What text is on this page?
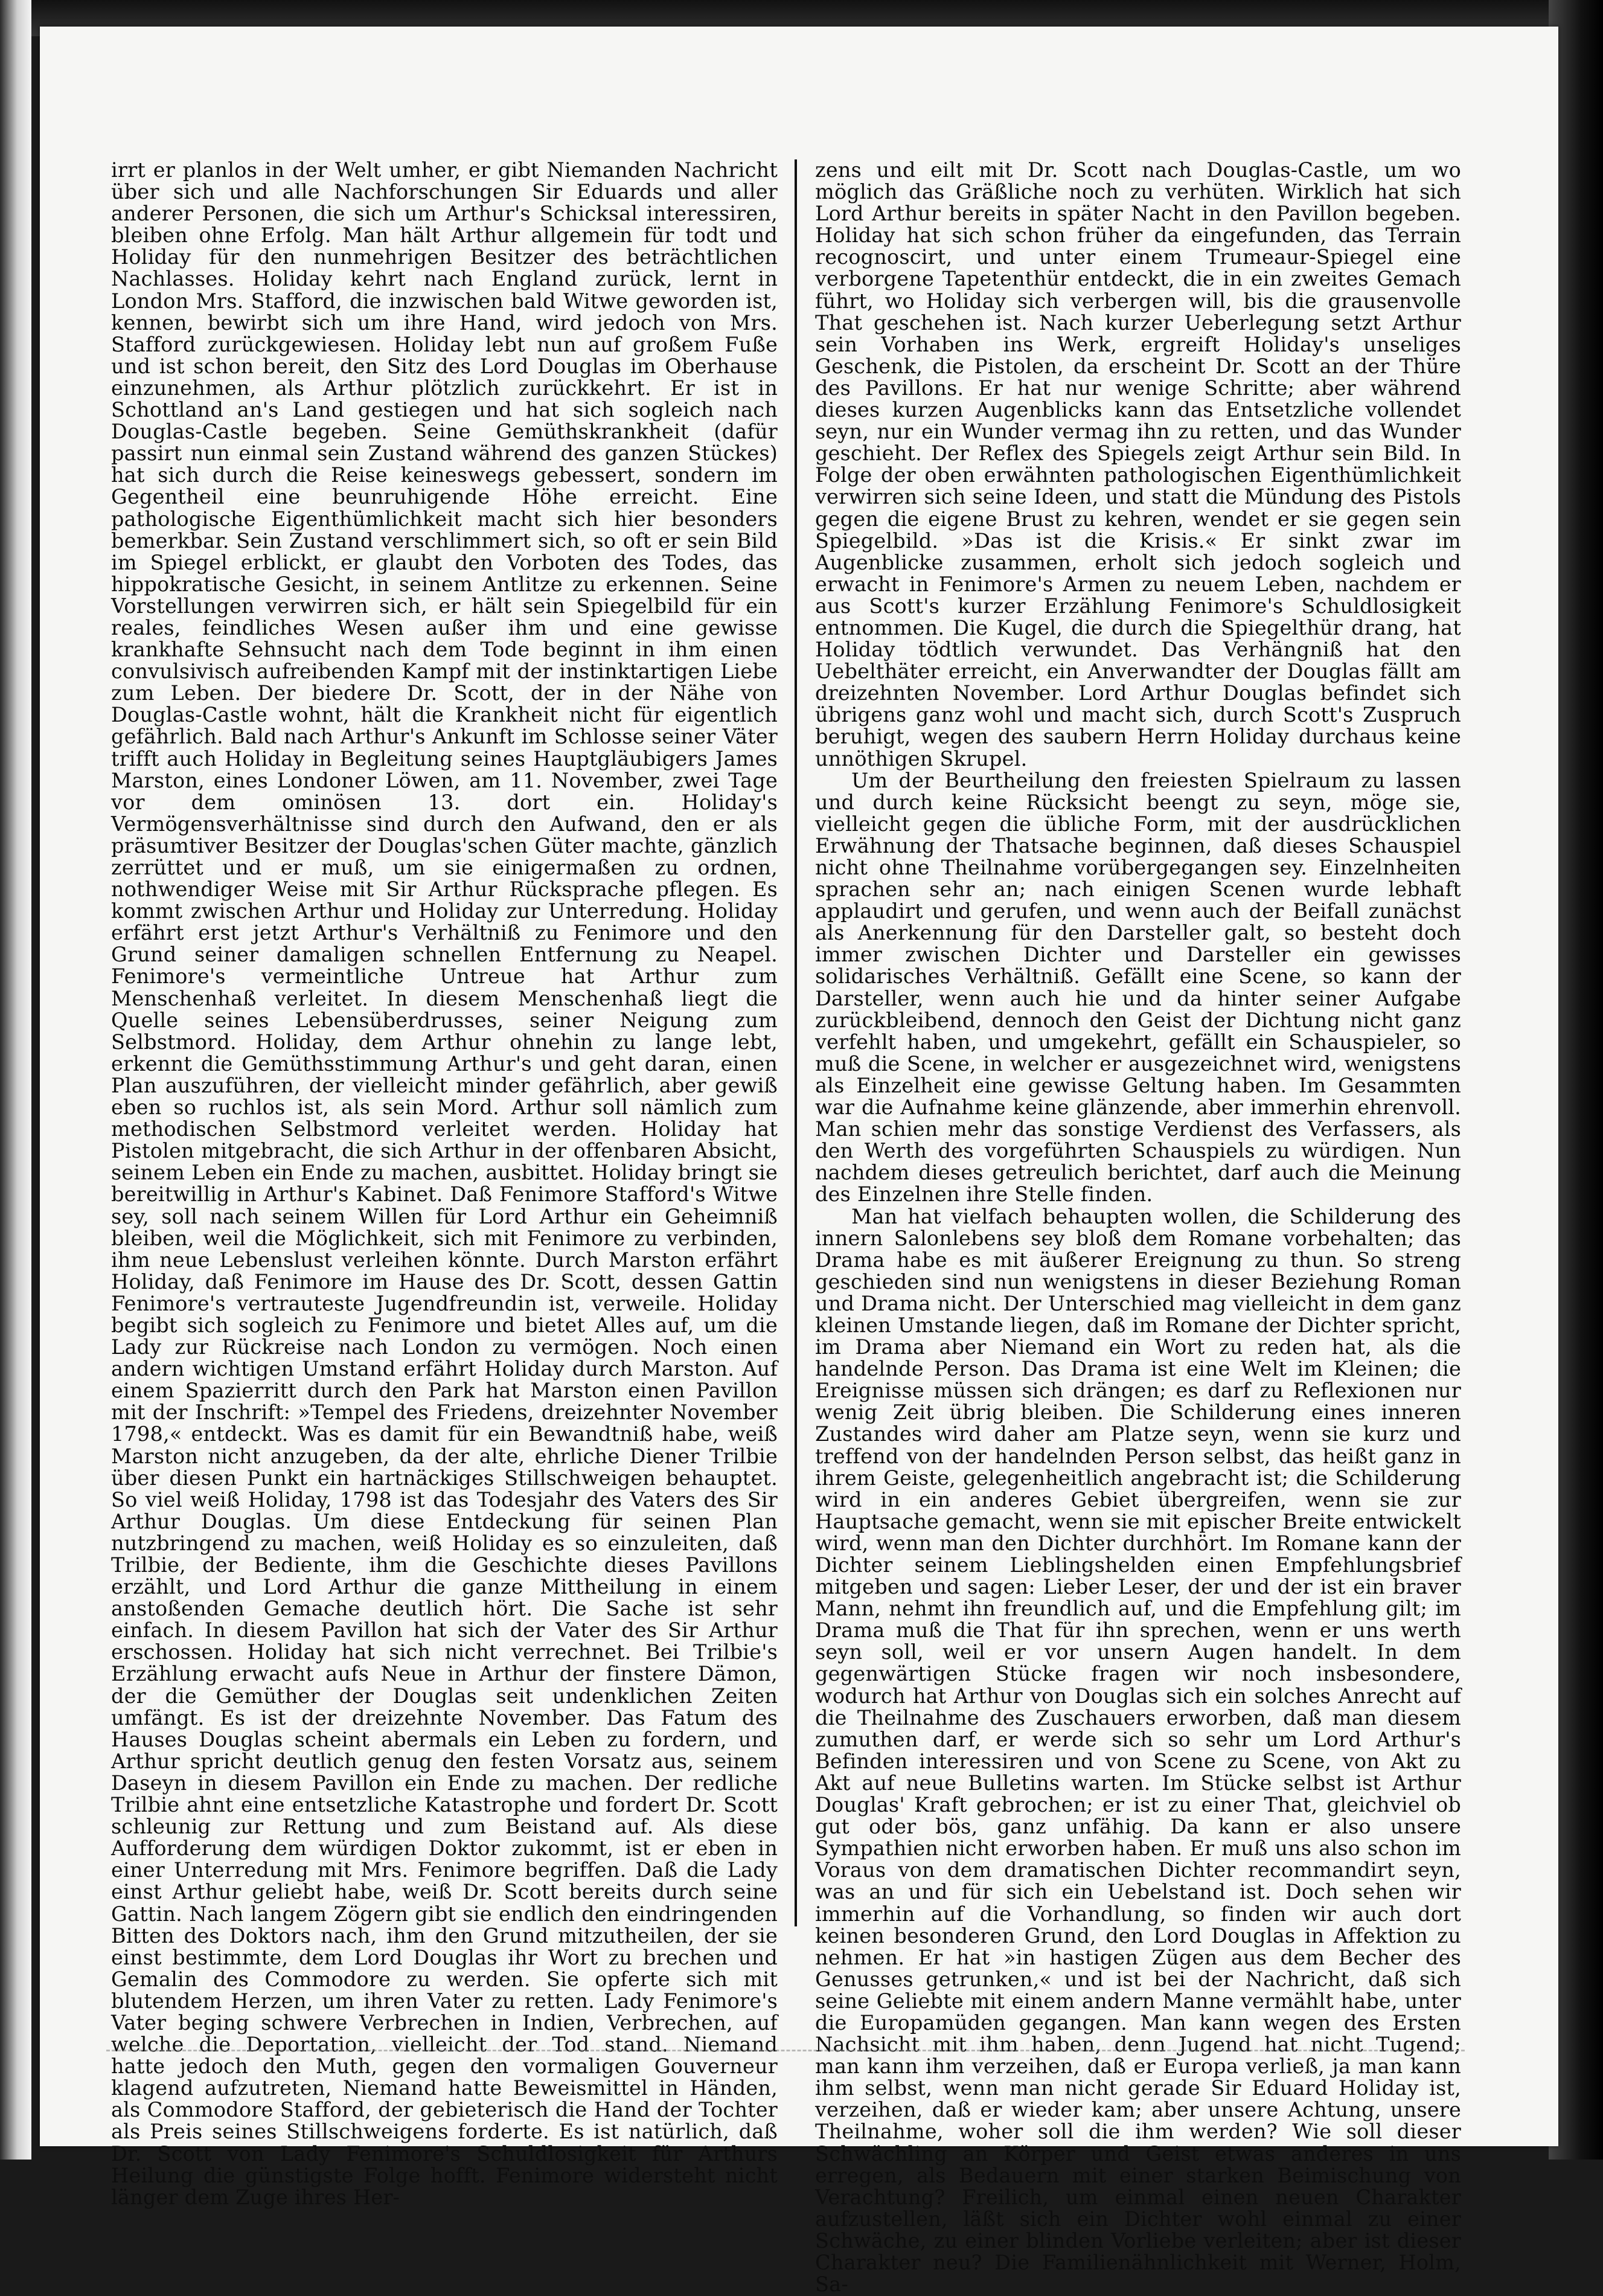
irrt er planlos in der Welt umher, er gibt Niemanden Nachricht über sich und alle Nachforschungen Sir Eduards und aller anderer Personen, die sich um Arthur's Schicksal interessiren, bleiben ohne Erfolg. Man hält Arthur allgemein für todt und Holiday für den nunmehrigen Besitzer des beträchtlichen Nachlasses. Holiday kehrt nach England zurück, lernt in London Mrs. Stafford, die inzwischen bald Witwe geworden ist, kennen, bewirbt sich um ihre Hand, wird jedoch von Mrs. Stafford zurückgewiesen. Holiday lebt nun auf großem Fuße und ist schon bereit, den Sitz des Lord Douglas im Oberhause einzunehmen, als Arthur plötzlich zurückkehrt. Er ist in Schottland an's Land gestiegen und hat sich sogleich nach Douglas-Castle begeben. Seine Gemüthskrankheit (dafür passirt nun einmal sein Zustand während des ganzen Stückes) hat sich durch die Reise keineswegs gebessert, sondern im Gegentheil eine beunruhigende Höhe erreicht. Eine pathologische Eigenthümlichkeit macht sich hier besonders bemerkbar. Sein Zustand verschlimmert sich, so oft er sein Bild im Spiegel erblickt, er glaubt den Vorboten des Todes, das hippokratische Gesicht, in seinem Antlitze zu erkennen. Seine Vorstellungen verwirren sich, er hält sein Spiegelbild für ein reales, feindliches Wesen außer ihm und eine gewisse krankhafte Sehnsucht nach dem Tode beginnt in ihm einen convulsivisch aufreibenden Kampf mit der instinktartigen Liebe zum Leben. Der biedere Dr. Scott, der in der Nähe von Douglas-Castle wohnt, hält die Krankheit nicht für eigentlich gefährlich. Bald nach Arthur's Ankunft im Schlosse seiner Väter trifft auch Holiday in Begleitung seines Hauptgläubigers James Marston, eines Londoner Löwen, am 11. November, zwei Tage vor dem ominösen 13. dort ein. Holiday's Vermögensverhältnisse sind durch den Aufwand, den er als präsumtiver Besitzer der Douglas'schen Güter machte, gänzlich zerrüttet und er muß, um sie einigermaßen zu ordnen, nothwendiger Weise mit Sir Arthur Rücksprache pflegen. Es kommt zwischen Arthur und Holiday zur Unterredung. Holiday erfährt erst jetzt Arthur's Verhältniß zu Fenimore und den Grund seiner damaligen schnellen Entfernung zu Neapel. Fenimore's vermeintliche Untreue hat Arthur zum Menschenhaß verleitet. In diesem Menschenhaß liegt die Quelle seines Lebensüberdrusses, seiner Neigung zum Selbstmord. Holiday, dem Arthur ohnehin zu lange lebt, erkennt die Gemüthsstimmung Arthur's und geht daran, einen Plan auszuführen, der vielleicht minder gefährlich, aber gewiß eben so ruchlos ist, als sein Mord. Arthur soll nämlich zum methodischen Selbstmord verleitet werden. Holiday hat Pistolen mitgebracht, die sich Arthur in der offenbaren Absicht, seinem Leben ein Ende zu machen, ausbittet. Holiday bringt sie bereitwillig in Arthur's Kabinet. Daß Fenimore Stafford's Witwe sey, soll nach seinem Willen für Lord Arthur ein Geheimniß bleiben, weil die Möglichkeit, sich mit Fenimore zu verbinden, ihm neue Lebenslust verleihen könnte. Durch Marston erfährt Holiday, daß Fenimore im Hause des Dr. Scott, dessen Gattin Fenimore's vertrauteste Jugendfreundin ist, verweile. Holiday begibt sich sogleich zu Fenimore und bietet Alles auf, um die Lady zur Rückreise nach London zu vermögen. Noch einen andern wichtigen Umstand erfährt Holiday durch Marston. Auf einem Spazierritt durch den Park hat Marston einen Pavillon mit der Inschrift: »Tempel des Friedens, dreizehnter November 1798,« entdeckt. Was es damit für ein Bewandtniß habe, weiß Marston nicht anzugeben, da der alte, ehrliche Diener Trilbie über diesen Punkt ein hartnäckiges Stillschweigen behauptet. So viel weiß Holiday, 1798 ist das Todesjahr des Vaters des Sir Arthur Douglas. Um diese Entdeckung für seinen Plan nutzbringend zu machen, weiß Holiday es so einzuleiten, daß Trilbie, der Bediente, ihm die Geschichte dieses Pavillons erzählt, und Lord Arthur die ganze Mittheilung in einem anstoßenden Gemache deutlich hört. Die Sache ist sehr einfach. In diesem Pavillon hat sich der Vater des Sir Arthur erschossen. Holiday hat sich nicht verrechnet. Bei Trilbie's Erzählung erwacht aufs Neue in Arthur der finstere Dämon, der die Gemüther der Douglas seit undenklichen Zeiten umfängt. Es ist der dreizehnte November. Das Fatum des Hauses Douglas scheint abermals ein Leben zu fordern, und Arthur spricht deutlich genug den festen Vorsatz aus, seinem Daseyn in diesem Pavillon ein Ende zu machen. Der redliche Trilbie ahnt eine entsetzliche Katastrophe und fordert Dr. Scott schleunig zur Rettung und zum Beistand auf. Als diese Aufforderung dem würdigen Doktor zukommt, ist er eben in einer Unterredung mit Mrs. Fenimore begriffen. Daß die Lady einst Arthur geliebt habe, weiß Dr. Scott bereits durch seine Gattin. Nach langem Zögern gibt sie endlich den eindringenden Bitten des Doktors nach, ihm den Grund mitzutheilen, der sie einst bestimmte, dem Lord Douglas ihr Wort zu brechen und Gemalin des Commodore zu werden. Sie opferte sich mit blutendem Herzen, um ihren Vater zu retten. Lady Fenimore's Vater beging schwere Verbrechen in Indien, Verbrechen, auf welche die Deportation, vielleicht der Tod stand. Niemand hatte jedoch den Muth, gegen den vormaligen Gouverneur klagend aufzutreten, Niemand hatte Beweismittel in Händen, als Commodore Stafford, der gebieterisch die Hand der Tochter als Preis seines Stillschweigens forderte. Es ist natürlich, daß Dr. Scott von Lady Fenimore's Schuldlosigkeit für Arthurs Heilung die günstigste Folge hofft. Fenimore widersteht nicht länger dem Zuge ihres Her-

zens und eilt mit Dr. Scott nach Douglas-Castle, um wo möglich das Gräßliche noch zu verhüten. Wirklich hat sich Lord Arthur bereits in später Nacht in den Pavillon begeben. Holiday hat sich schon früher da eingefunden, das Terrain recognoscirt, und unter einem Trumeaur-Spiegel eine verborgene Tapetenthür entdeckt, die in ein zweites Gemach führt, wo Holiday sich verbergen will, bis die grausenvolle That geschehen ist. Nach kurzer Ueberlegung setzt Arthur sein Vorhaben ins Werk, ergreift Holiday's unseliges Geschenk, die Pistolen, da erscheint Dr. Scott an der Thüre des Pavillons. Er hat nur wenige Schritte; aber während dieses kurzen Augenblicks kann das Entsetzliche vollendet seyn, nur ein Wunder vermag ihn zu retten, und das Wunder geschieht. Der Reflex des Spiegels zeigt Arthur sein Bild. In Folge der oben erwähnten pathologischen Eigenthümlichkeit verwirren sich seine Ideen, und statt die Mündung des Pistols gegen die eigene Brust zu kehren, wendet er sie gegen sein Spiegelbild. »Das ist die Krisis.« Er sinkt zwar im Augenblicke zusammen, erholt sich jedoch sogleich und erwacht in Fenimore's Armen zu neuem Leben, nachdem er aus Scott's kurzer Erzählung Fenimore's Schuldlosigkeit entnommen. Die Kugel, die durch die Spiegelthür drang, hat Holiday tödtlich verwundet. Das Verhängniß hat den Uebelthäter erreicht, ein Anverwandter der Douglas fällt am dreizehnten November. Lord Arthur Douglas befindet sich übrigens ganz wohl und macht sich, durch Scott's Zuspruch beruhigt, wegen des saubern Herrn Holiday durchaus keine unnöthigen Skrupel.

Um der Beurtheilung den freiesten Spielraum zu lassen und durch keine Rücksicht beengt zu seyn, möge sie, vielleicht gegen die übliche Form, mit der ausdrücklichen Erwähnung der Thatsache beginnen, daß dieses Schauspiel nicht ohne Theilnahme vorübergegangen sey. Einzelnheiten sprachen sehr an; nach einigen Scenen wurde lebhaft applaudirt und gerufen, und wenn auch der Beifall zunächst als Anerkennung für den Darsteller galt, so besteht doch immer zwischen Dichter und Darsteller ein gewisses solidarisches Verhältniß. Gefällt eine Scene, so kann der Darsteller, wenn auch hie und da hinter seiner Aufgabe zurückbleibend, dennoch den Geist der Dichtung nicht ganz verfehlt haben, und umgekehrt, gefällt ein Schauspieler, so muß die Scene, in welcher er ausgezeichnet wird, wenigstens als Einzelheit eine gewisse Geltung haben. Im Gesammten war die Aufnahme keine glänzende, aber immerhin ehrenvoll. Man schien mehr das sonstige Verdienst des Verfassers, als den Werth des vorgeführten Schauspiels zu würdigen. Nun nachdem dieses getreulich berichtet, darf auch die Meinung des Einzelnen ihre Stelle finden.

Man hat vielfach behaupten wollen, die Schilderung des innern Salonlebens sey bloß dem Romane vorbehalten; das Drama habe es mit äußerer Ereignung zu thun. So streng geschieden sind nun wenigstens in dieser Beziehung Roman und Drama nicht. Der Unterschied mag vielleicht in dem ganz kleinen Umstande liegen, daß im Romane der Dichter spricht, im Drama aber Niemand ein Wort zu reden hat, als die handelnde Person. Das Drama ist eine Welt im Kleinen; die Ereignisse müssen sich drängen; es darf zu Reflexionen nur wenig Zeit übrig bleiben. Die Schilderung eines inneren Zustandes wird daher am Platze seyn, wenn sie kurz und treffend von der handelnden Person selbst, das heißt ganz in ihrem Geiste, gelegenheitlich angebracht ist; die Schilderung wird in ein anderes Gebiet übergreifen, wenn sie zur Hauptsache gemacht, wenn sie mit epischer Breite entwickelt wird, wenn man den Dichter durchhört. Im Romane kann der Dichter seinem Lieblingshelden einen Empfehlungsbrief mitgeben und sagen: Lieber Leser, der und der ist ein braver Mann, nehmt ihn freundlich auf, und die Empfehlung gilt; im Drama muß die That für ihn sprechen, wenn er uns werth seyn soll, weil er vor unsern Augen handelt. In dem gegenwärtigen Stücke fragen wir noch insbesondere, wodurch hat Arthur von Douglas sich ein solches Anrecht auf die Theilnahme des Zuschauers erworben, daß man diesem zumuthen darf, er werde sich so sehr um Lord Arthur's Befinden interessiren und von Scene zu Scene, von Akt zu Akt auf neue Bulletins warten. Im Stücke selbst ist Arthur Douglas' Kraft gebrochen; er ist zu einer That, gleichviel ob gut oder bös, ganz unfähig. Da kann er also unsere Sympathien nicht erworben haben. Er muß uns also schon im Voraus von dem dramatischen Dichter recommandirt seyn, was an und für sich ein Uebelstand ist. Doch sehen wir immerhin auf die Vorhandlung, so finden wir auch dort keinen besonderen Grund, den Lord Douglas in Affektion zu nehmen. Er hat »in hastigen Zügen aus dem Becher des Genusses getrunken,« und ist bei der Nachricht, daß sich seine Geliebte mit einem andern Manne vermählt habe, unter die Europamüden gegangen. Man kann wegen des Ersten Nachsicht mit ihm haben, denn Jugend hat nicht Tugend; man kann ihm verzeihen, daß er Europa verließ, ja man kann ihm selbst, wenn man nicht gerade Sir Eduard Holiday ist, verzeihen, daß er wieder kam; aber unsere Achtung, unsere Theilnahme, woher soll die ihm werden? Wie soll dieser Schwächling an Körper und Geist etwas anderes in uns erregen, als Bedauern mit einer starken Beimischung von Verachtung? Freilich, um einmal einen neuen Charakter aufzustellen, läßt sich ein Dichter wohl einmal zu einer Schwäche, zu einer blinden Vorliebe verleiten; aber ist dieser Charakter neu? Die Familienähnlichkeit mit Werner, Holm, Sa-
